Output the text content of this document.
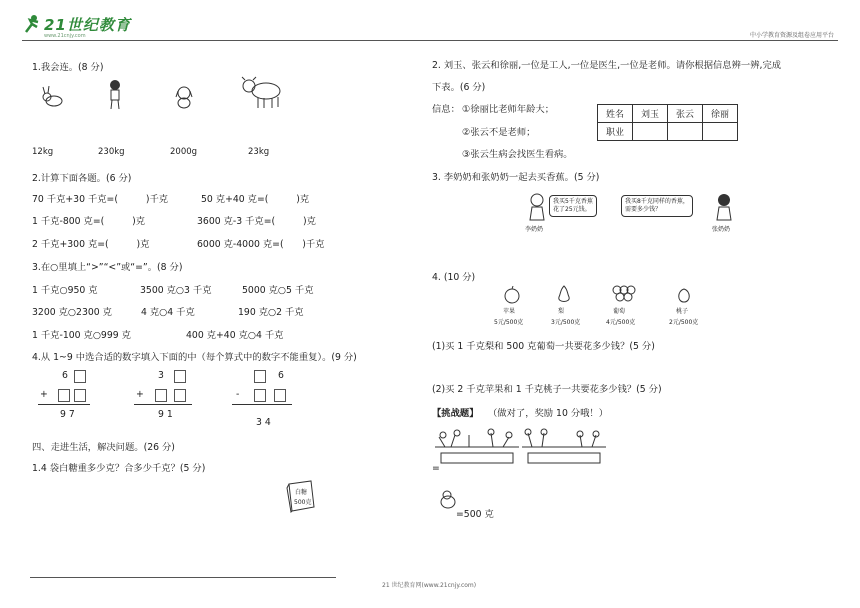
21世纪教育
www.21cnjy.com	中小学教育资源及组卷应用平台
1.我会连。(8 分)
12kg	230kg	2000g	23kg
2.计算下面各题。(6 分)
70 千克+30 千克=(　　　)千克	50 克+40 克=(　　　)克
1 千克-800 克=(　　　)克	3600 克-3 千克=(　　　)克
2 千克+300 克=(　　　)克	6000 克-4000 克=(　　)千克
3.在○里填上“>”“<”或“=”。(8 分)
1 千克○950 克	3500 克○3 千克	5000 克○5 千克
3200 克○2300 克	4 克○4 千克	190 克○2 千克
1 千克-100 克○999 克	400 克+40 克○4 千克
4.从 1~9 中选合适的数字填入下面的中（每个算式中的数字不能重复）。(9 分)
6
+
9 7
3
+
9 1
6
-
3 4
四、走进生活，解决问题。(26 分)
1.4 袋白糖重多少克？合多少千克？(5 分)
白糖
500克
21 世纪教育网(www.21cnjy.com)
2. 刘玉、张云和徐丽,一位是工人,一位是医生,一位是老师。请你根据信息辨一辨,完成
下表。(6 分)
信息： ①徐丽比老师年龄大；
②张云不是老师；
③张云生病会找医生看病。
姓名	刘玉	张云	徐丽
职业			
3. 李奶奶和张奶奶一起去买香蕉。(5 分)
我买5千克香蕉
花了25元钱。
我买8千克同样的香蕉，
需要多少钱？
李奶奶	张奶奶
4. (10 分)
苹果	梨	葡萄	桃子
5元/500克	3元/500克	4元/500克	2元/500克
(1)买 1 千克梨和 500 克葡萄一共要花多少钱？(5 分)
(2)买 2 千克苹果和 1 千克桃子一共要花多少钱？(5 分)
【挑战题】 （做对了，奖励 10 分哦！）
=
=500 克
